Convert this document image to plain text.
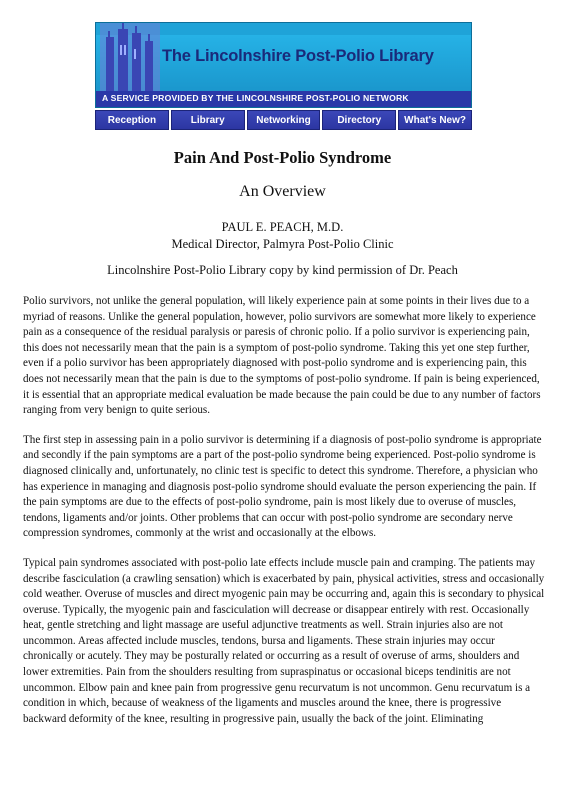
The Lincolnshire Post-Polio Library
A SERVICE PROVIDED BY THE LINCOLNSHIRE POST-POLIO NETWORK
Reception	Library	Networking	Directory	What's New?
Pain And Post-Polio Syndrome
An Overview
PAUL E. PEACH, M.D.
Medical Director, Palmyra Post-Polio Clinic
Lincolnshire Post-Polio Library copy by kind permission of Dr. Peach

Polio survivors, not unlike the general population, will likely experience pain at some points in their lives due to a myriad of reasons. Unlike the general population, however, polio survivors are somewhat more likely to experience pain as a consequence of the residual paralysis or paresis of chronic polio. If a polio survivor is experiencing pain, this does not necessarily mean that the pain is a symptom of post-polio syndrome. Taking this yet one step further, even if a polio survivor has been appropriately diagnosed with post-polio syndrome and is experiencing pain, this does not necessarily mean that the pain is due to the symptoms of post-polio syndrome. If pain is being experienced, it is essential that an appropriate medical evaluation be made because the pain could be due to any number of factors ranging from very benign to quite serious.

The first step in assessing pain in a polio survivor is determining if a diagnosis of post-polio syndrome is appropriate and secondly if the pain symptoms are a part of the post-polio syndrome being experienced. Post-polio syndrome is diagnosed clinically and, unfortunately, no clinic test is specific to detect this syndrome. Therefore, a physician who has experience in managing and diagnosis post-polio syndrome should evaluate the person experiencing the pain. If the pain symptoms are due to the effects of post-polio syndrome, pain is most likely due to overuse of muscles, tendons, ligaments and/or joints. Other problems that can occur with post-polio syndrome are secondary nerve compression syndromes, commonly at the wrist and occasionally at the elbows.

Typical pain syndromes associated with post-polio late effects include muscle pain and cramping. The patients may describe fasciculation (a crawling sensation) which is exacerbated by pain, physical activities, stress and occasionally cold weather. Overuse of muscles and direct myogenic pain may be occurring and, again this is secondary to physical overuse. Typically, the myogenic pain and fasciculation will decrease or disappear entirely with rest. Occasionally heat, gentle stretching and light massage are useful adjunctive treatments as well. Strain injuries also are not uncommon. Areas affected include muscles, tendons, bursa and ligaments. These strain injuries may occur chronically or acutely. They may be posturally related or occurring as a result of overuse of arms, shoulders and lower extremities. Pain from the shoulders resulting from supraspinatus or occasional biceps tendinitis are not uncommon. Elbow pain and knee pain from progressive genu recurvatum is not uncommon. Genu recurvatum is a condition in which, because of weakness of the ligaments and muscles around the knee, there is progressive backward deformity of the knee, resulting in progressive pain, usually the back of the joint. Eliminating
